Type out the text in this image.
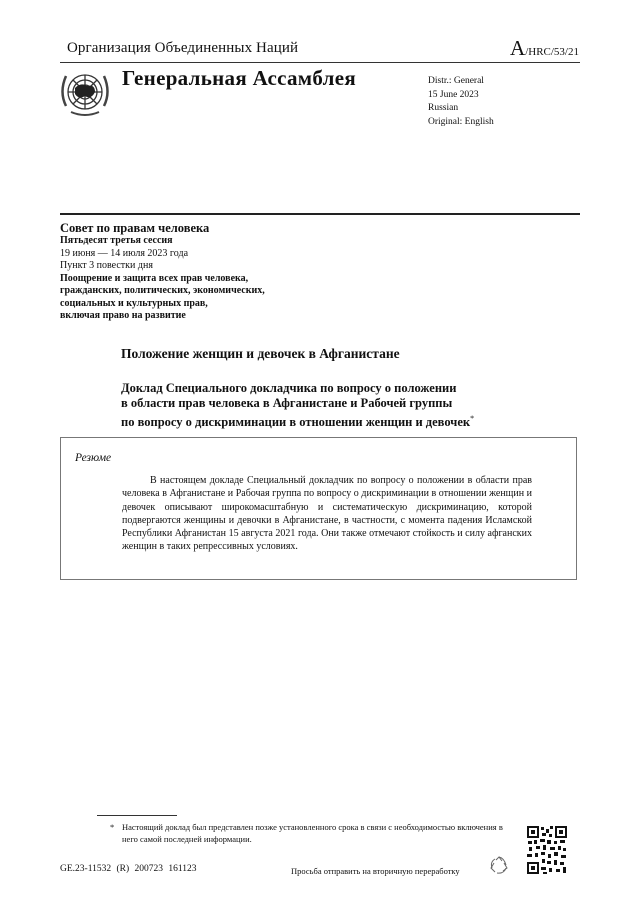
Организация Объединенных Наций	A/HRC/53/21
Генеральная Ассамблея	Distr.: General
15 June 2023
Russian
Original: English
Совет по правам человека
Пятьдесят третья сессия
19 июня — 14 июля 2023 года
Пункт 3 повестки дня
Поощрение и защита всех прав человека,
гражданских, политических, экономических,
социальных и культурных прав,
включая право на развитие
Положение женщин и девочек в Афганистане
Доклад Специального докладчика по вопросу о положении
в области прав человека в Афганистане и Рабочей группы
по вопросу о дискриминации в отношении женщин и девочек*
Резюме

В настоящем докладе Специальный докладчик по вопросу о положении в области прав человека в Афганистане и Рабочая группа по вопросу о дискриминации в отношении женщин и девочек описывают широкомасштабную и систематическую дискриминацию, которой подвергаются женщины и девочки в Афганистане, в частности, с момента падения Исламской Республики Афганистан 15 августа 2021 года. Они также отмечают стойкость и силу афганских женщин в таких репрессивных условиях.

* Настоящий доклад был представлен позже установленного срока в связи с необходимостью включения в него самой последней информации.
GE.23-11532 (R) 200723 161123	Просьба отправить на вторичную переработку
